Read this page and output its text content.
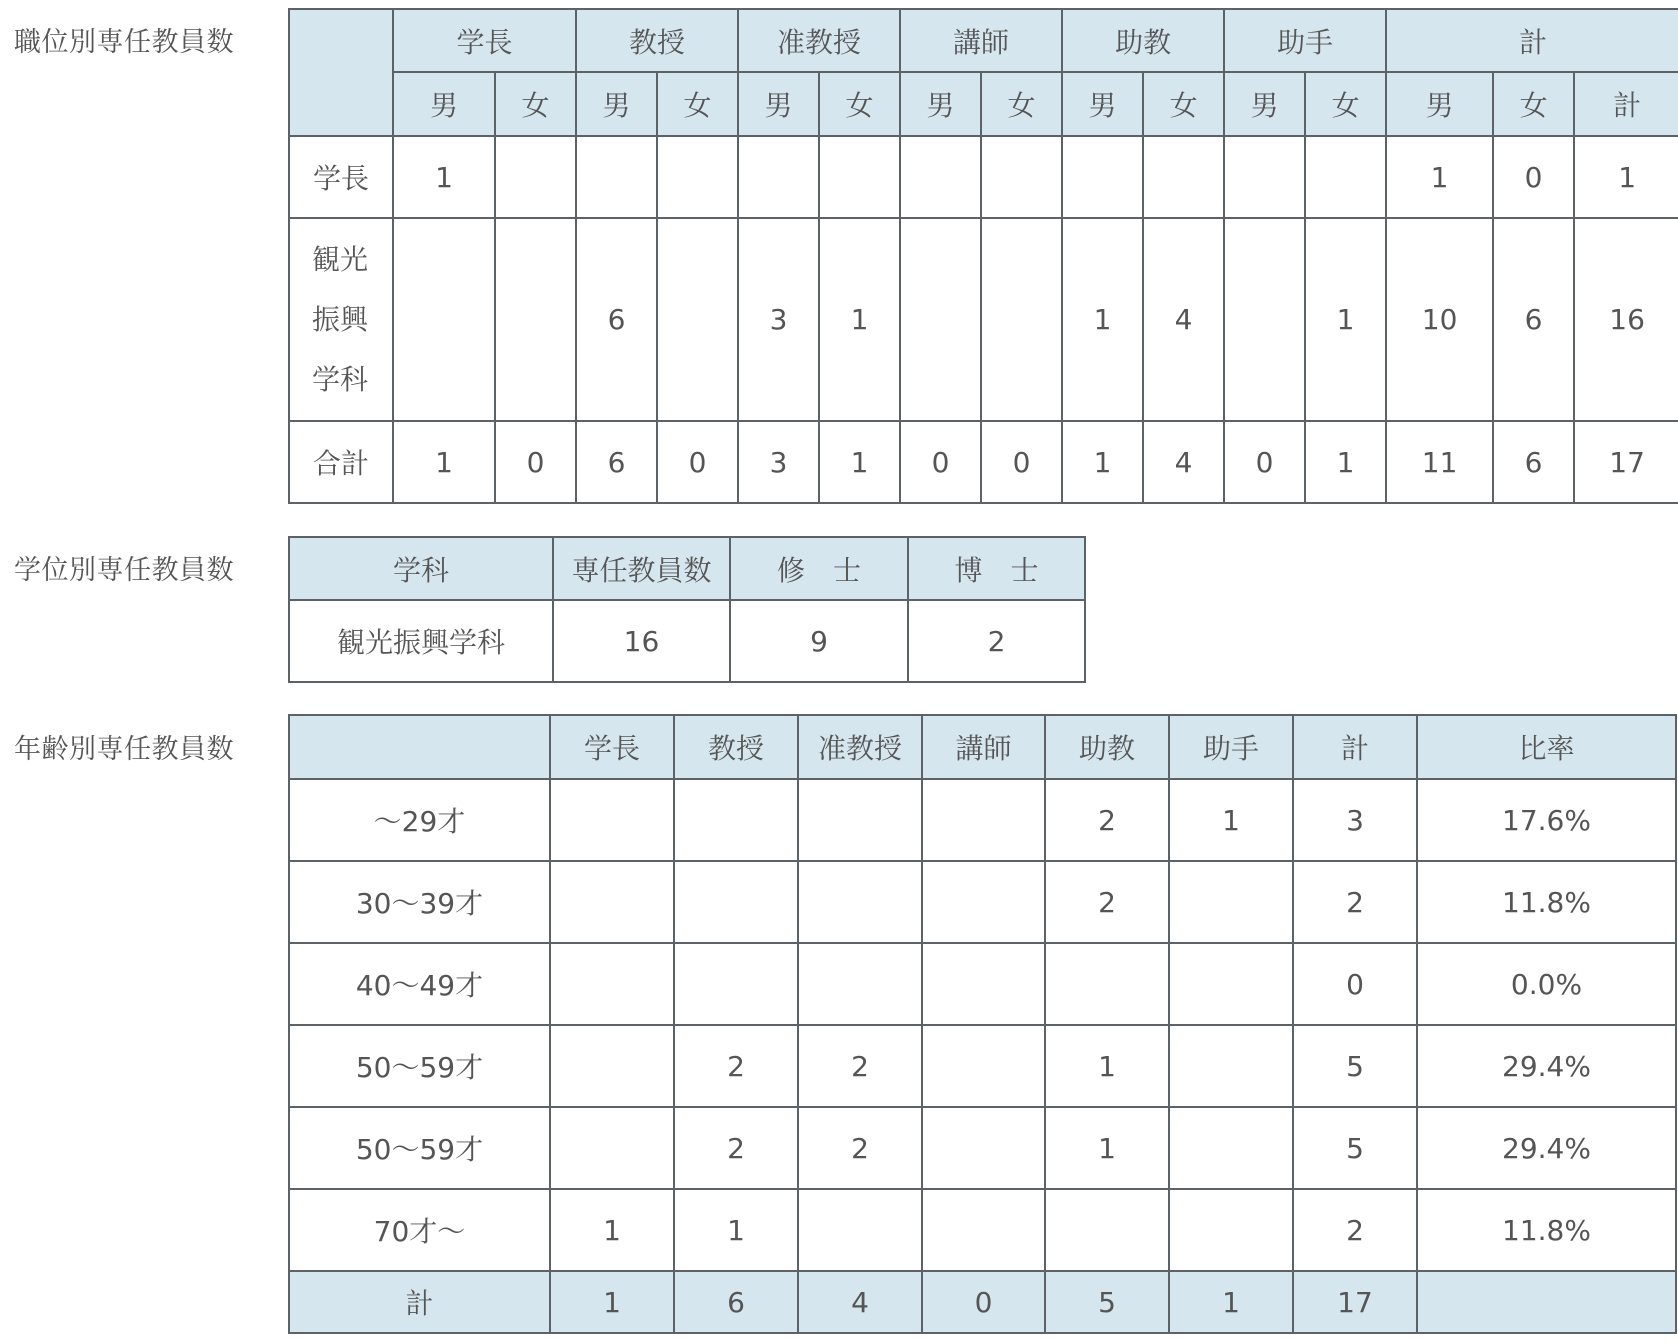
職位別専任教員数
		学長		教授		准教授		講師		助教		助手		計		
	男	女	男	女	男	女	男	女	男	女	男	女	男	女	計
学長	1												1	0	1

観光
振興
学科			6		3	1			1	4		1	10	6	16
合計	1	0	6	0	3	1	0	0	1	4	0	1	11	6	17
学位別専任教員数	学科	専任教員数	修　士	博　士
観光振興学科	16	9	2
年齢別専任教員数
		学長	教授	准教授	講師	助教	助手	計	比率
～29才					2	1	3	17.6%
30～39才					2		2	11.8%
40～49才							0	0.0%
50～59才		2	2		1		5	29.4%
50～59才		2	2		1		5	29.4%
70才～	1	1					2	11.8%
計	1	6	4	0	5	1	17	
